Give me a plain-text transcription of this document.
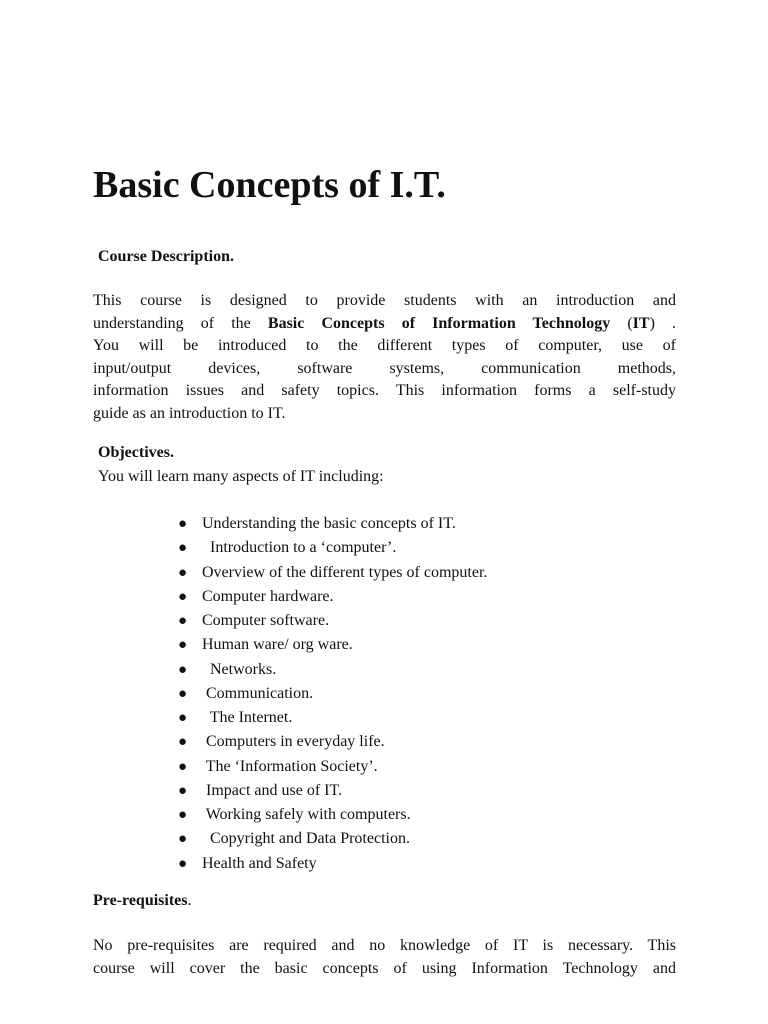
Basic Concepts of I.T.

Course Description.

This course is designed to provide students with an introduction and
understanding of the Basic Concepts of Information Technology (IT) .
You will be introduced to the different types of computer, use of
input/output devices, software systems, communication methods,
information issues and safety topics. This information forms a self-study
guide as an introduction to IT.

Objectives.

You will learn many aspects of IT including:

● Understanding the basic concepts of IT.
●  Introduction to a ‘computer’.
● Overview of the different types of computer.
● Computer hardware.
● Computer software.
● Human ware/ org ware.
●  Networks.
● Communication.
●  The Internet.
● Computers in everyday life.
● The ‘Information Society’.
● Impact and use of IT.
● Working safely with computers.
●  Copyright and Data Protection.
● Health and Safety

Pre-requisites.

No pre-requisites are required and no knowledge of IT is necessary. This
course will cover the basic concepts of using Information Technology and
